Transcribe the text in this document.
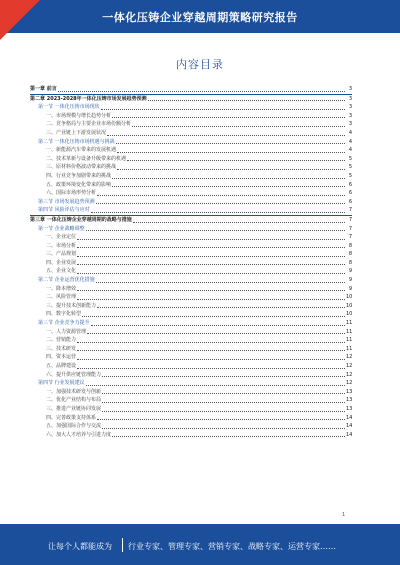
一体化压铸企业穿越周期策略研究报告
内容目录
第一章 前言	3
第二章 2023-2028年一体化压铸市场发展趋势预测	3
第一节 一体化压铸市场现状	3
一、市场规模与增长趋势分析	3
二、竞争格局与主要企业市场份额分析	3
三、产业链上下游发展状况	4
第二节 一体化压铸市场机遇与挑战	4
一、新能源汽车带来的发展机遇	4
二、技术革新与设备升级带来的机遇	5
三、原材料价格波动带来的挑战	5
四、行业竞争加剧带来的挑战	5
五、政策环境变化带来的影响	6
六、国际市场形势分析	6
第三节 市场发展趋势预测	6
第四节 风险评估与应对	7
第三章 一体化压铸企业穿越周期的战略与措施	7
第一节 企业战略调整	7
一、企业定位	7
二、市场分析	8
三、产品规划	8
四、企业发展	8
五、企业文化	9
第二节 企业运营优化措施	9
一、降本增效	9
二、风险管理	10
三、提升技术创新能力	10
四、数字化转型	10
第三节 企业竞争力提升	11
一、人力资源管理	11
二、营销能力	11
三、技术研发	11
四、资本运营	12
五、品牌建设	12
六、提升供应链管理能力	12
第四节 行业发展建议	12
一、加强技术研发与创新	13
二、优化产业结构与布局	13
三、推进产业链协同发展	13
四、完善政策支持体系	14
五、加强国际合作与交流	14
六、加大人才培养与引进力度	14
1
让每个人都能成为 行业专家、管理专家、营销专家、战略专家、运营专家……
